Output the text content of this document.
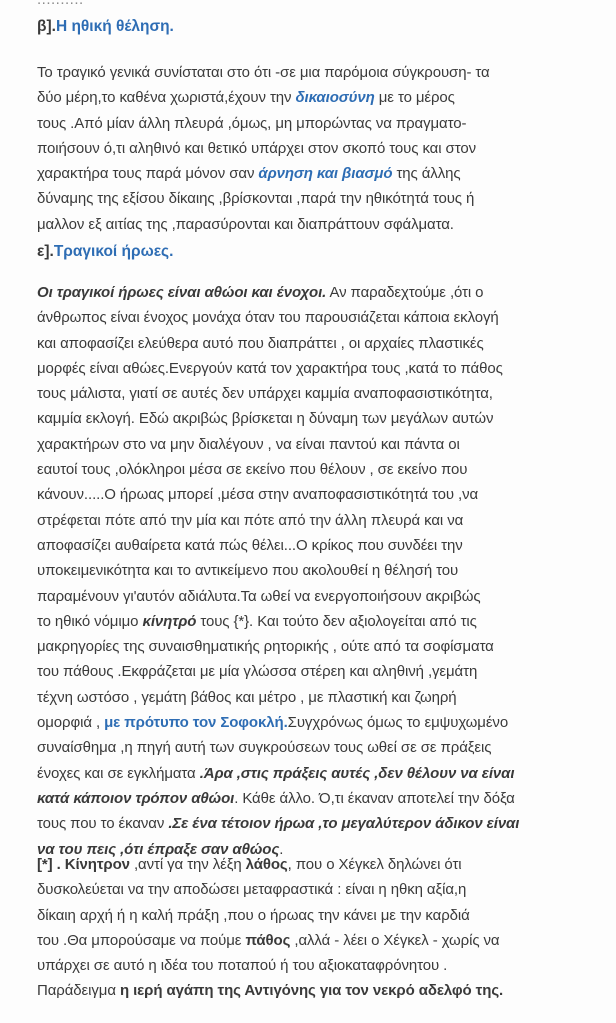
β].Η ηθική θέληση.
Το τραγικό γενικά συνίσταται στο ότι -σε μια παρόμοια σύγκρουση- τα
δύο μέρη,το καθένα χωριστά,έχουν την δικαιοσύνη με το μέρος
τους .Από μίαν άλλη πλευρά ,όμως, μη μπορώντας να πραγματο-
ποιήσουν ό,τι αληθινό και θετικό υπάρχει στον σκοπό τους και στον
χαρακτήρα τους παρά μόνον σαν άρνηση και βιασμό της άλλης
δύναμης της εξίσου δίκαιης ,βρίσκονται ,παρά την ηθικότητά τους ή
μαλλον εξ αιτίας της ,παρασύρονται και διαπράττουν σφάλματα.
ε].Τραγικοί ήρωες.
Οι τραγικοί ήρωες είναι αθώοι και ένοχοι. Αν παραδεχτούμε ,ότι ο
άνθρωπος είναι ένοχος μονάχα όταν του παρουσιάζεται κάποια εκλογή
και αποφασίζει ελεύθερα αυτό που διαπράττει , οι αρχαίες πλαστικές
μορφές είναι αθώες.Ενεργούν κατά τον χαρακτήρα τους ,κατά το πάθος
τους μάλιστα, γιατί σε αυτές δεν υπάρχει καμμία αναποφασιστικότητα,
καμμία εκλογή. Εδώ ακριβώς βρίσκεται η δύναμη των μεγάλων αυτών
χαρακτήρων στο να μην διαλέγουν , να είναι παντού και πάντα οι
εαυτοί τους ,ολόκληροι μέσα σε εκείνο που θέλουν , σε εκείνο που
κάνουν.....Ο ήρωας μπορεί ,μέσα στην αναποφασιστικότητά του ,να
στρέφεται πότε από την μία και πότε από την άλλη πλευρά και να
αποφασίζει αυθαίρετα κατά πώς θέλει...Ο κρίκος που συνδέει την
υποκειμενικότητα και το αντικείμενο που ακολουθεί η θέλησή του
παραμένουν γι'αυτόν αδιάλυτα.Τα ωθεί να ενεργοποιήσουν ακριβώς
το ηθικό νόμιμο κίνητρό τους {*}. Και τούτο δεν αξιολογείται από τις
μακρηγορίες της συναισθηματικής ρητορικής , ούτε από τα σοφίσματα
του πάθους .Εκφράζεται με μία γλώσσα στέρεη και αληθινή ,γεμάτη
τέχνη ωστόσο , γεμάτη βάθος και μέτρο , με πλαστική και ζωηρή
ομορφιά , με πρότυπο τον Σοφοκλή.Συγχρόνως όμως το εμψυχωμένο
συναίσθημα ,η πηγή αυτή των συγκρούσεων τους ωθεί σε σε πράξεις
ένοχες και σε εγκλήματα .Άρα ,στις πράξεις αυτές ,δεν θέλουν να είναι
κατά κάποιον τρόπον αθώοι. Κάθε άλλο. Ό,τι έκαναν αποτελεί την δόξα
τους που το έκαναν .Σε ένα τέτοιον ήρωα ,το μεγαλύτερον άδικον είναι
να του πεις ,ότι έπραξε σαν αθώος.
[*] . Κίνητρον ,αντί γα την λέξη λάθος, που ο Χέγκελ δηλώνει ότι
δυσκολεύεται να την αποδώσει μεταφραστικά : είναι η ηθκη αξία,η
δίκαιη αρχή ή η καλή πράξη ,που ο ήρωας την κάνει με την καρδιά
του .Θα μπορούσαμε να πούμε πάθος ,αλλά - λέει ο Χέγκελ - χωρίς να
υπάρχει σε αυτό η ιδέα του ποταπού ή του αξιοκαταφρόνητου .
Παράδειγμα η ιερή αγάπη της Αντιγόνης για τον νεκρό αδελφό της.
